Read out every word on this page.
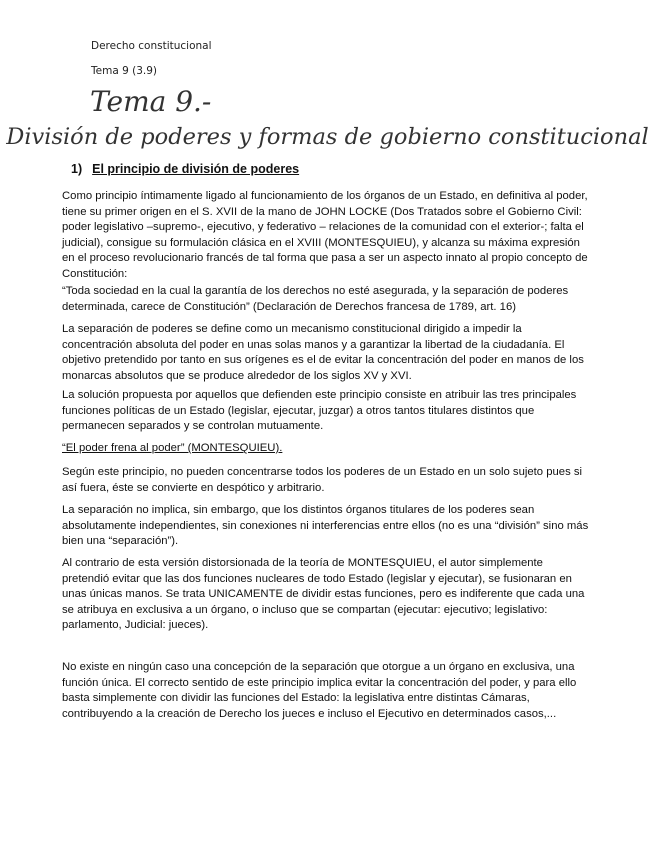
Derecho constitucional
Tema 9 (3.9)
Tema 9.-
División de poderes y formas de gobierno constitucional
1) El principio de división de poderes
Como principio íntimamente ligado al funcionamiento de los órganos de un Estado, en definitiva al poder, tiene su primer origen en el S. XVII de la mano de JOHN LOCKE (Dos Tratados sobre el Gobierno Civil: poder legislativo –supremo-, ejecutivo, y federativo – relaciones de la comunidad con el exterior-; falta el judicial), consigue su formulación clásica en el XVIII (MONTESQUIEU), y alcanza su máxima expresión en el proceso revolucionario francés de tal forma que pasa a ser un aspecto innato al propio concepto de Constitución:
“Toda sociedad en la cual la garantía de los derechos no esté asegurada, y la separación de poderes determinada, carece de Constitución” (Declaración de Derechos francesa de 1789, art. 16)
La separación de poderes se define como un mecanismo constitucional dirigido a impedir la concentración absoluta del poder en unas solas manos y a garantizar la libertad de la ciudadanía. El objetivo pretendido por tanto en sus orígenes es el de evitar la concentración del poder en manos de los monarcas absolutos que se produce alrededor de los siglos XV y XVI.
La solución propuesta por aquellos que defienden este principio consiste en atribuir las tres principales funciones políticas de un Estado (legislar, ejecutar, juzgar) a otros tantos titulares distintos que permanecen separados y se controlan mutuamente.
“El poder frena al poder” (MONTESQUIEU).
Según este principio, no pueden concentrarse todos los poderes de un Estado en un solo sujeto pues si así fuera, éste se convierte en despótico y arbitrario.
La separación no implica, sin embargo, que los distintos órganos titulares de los poderes sean absolutamente independientes, sin conexiones ni interferencias entre ellos (no es una “división” sino más bien una “separación”).
Al contrario de esta versión distorsionada de la teoría de MONTESQUIEU, el autor simplemente pretendió evitar que las dos funciones nucleares de todo Estado (legislar y ejecutar), se fusionaran en unas únicas manos. Se trata UNICAMENTE de dividir estas funciones, pero es indiferente que cada una se atribuya en exclusiva a un órgano, o incluso que se compartan (ejecutar: ejecutivo; legislativo: parlamento, Judicial: jueces).
No existe en ningún caso una concepción de la separación que otorgue a un órgano en exclusiva, una función única. El correcto sentido de este principio implica evitar la concentración del poder, y para ello basta simplemente con dividir las funciones del Estado: la legislativa entre distintas Cámaras, contribuyendo a la creación de Derecho los jueces e incluso el Ejecutivo en determinados casos,...
